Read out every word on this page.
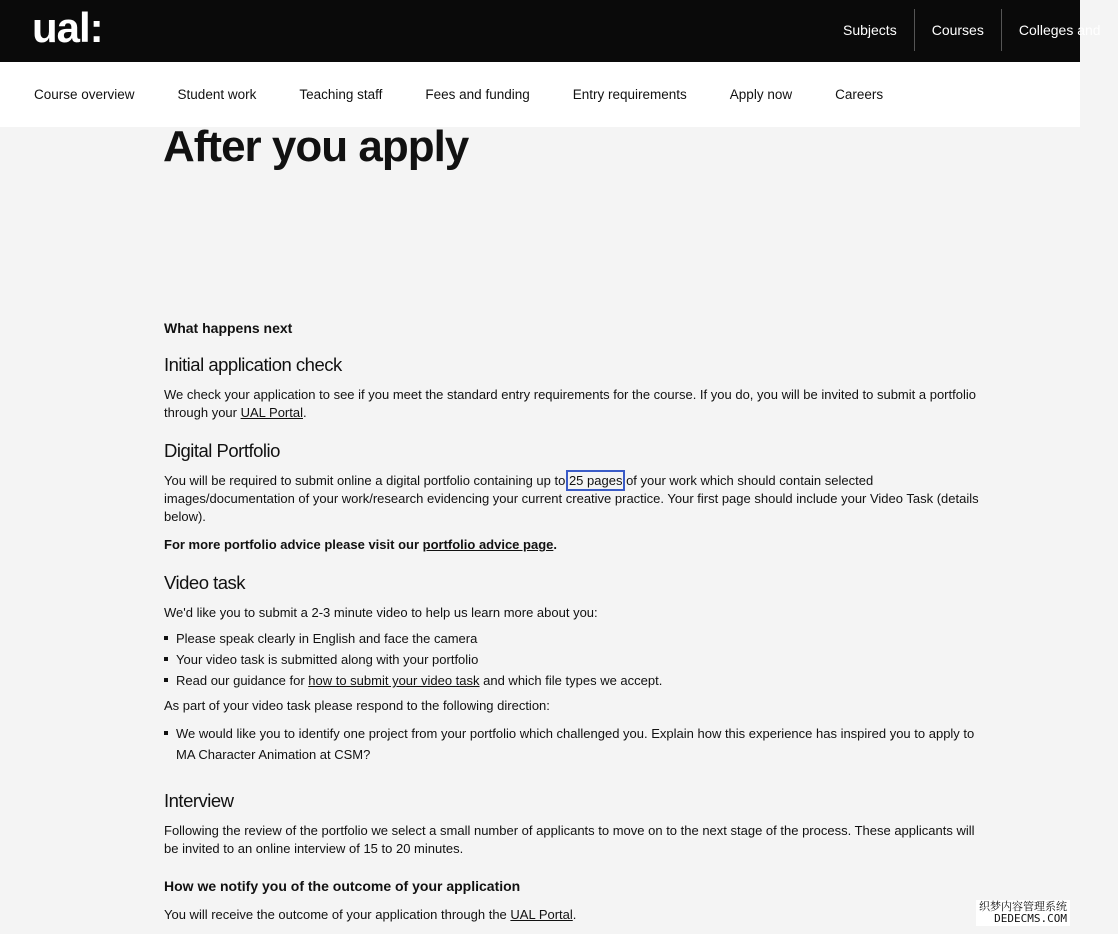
ual:	Subjects	Courses	Colleges and
Course overview	Student work	Teaching staff	Fees and funding	Entry requirements	Apply now	Careers
After you apply
What happens next
Initial application check

We check your application to see if you meet the standard entry requirements for the course. If you do, you will be invited to submit a portfolio through your UAL Portal.

Digital Portfolio

You will be required to submit online a digital portfolio containing up to 25 pages of your work which should contain selected images/documentation of your work/research evidencing your current creative practice. Your first page should include your Video Task (details below).

For more portfolio advice please visit our portfolio advice page.

Video task

We'd like you to submit a 2-3 minute video to help us learn more about you:

Please speak clearly in English and face the camera
Your video task is submitted along with your portfolio
Read our guidance for how to submit your video task and which file types we accept.

As part of your video task please respond to the following direction:

We would like you to identify one project from your portfolio which challenged you. Explain how this experience has inspired you to apply to MA Character Animation at CSM?
Interview

Following the review of the portfolio we select a small number of applicants to move on to the next stage of the process. These applicants will be invited to an online interview of 15 to 20 minutes.

How we notify you of the outcome of your application

You will receive the outcome of your application through the UAL Portal.

织梦内容管理系统
DEDECMS.COM
